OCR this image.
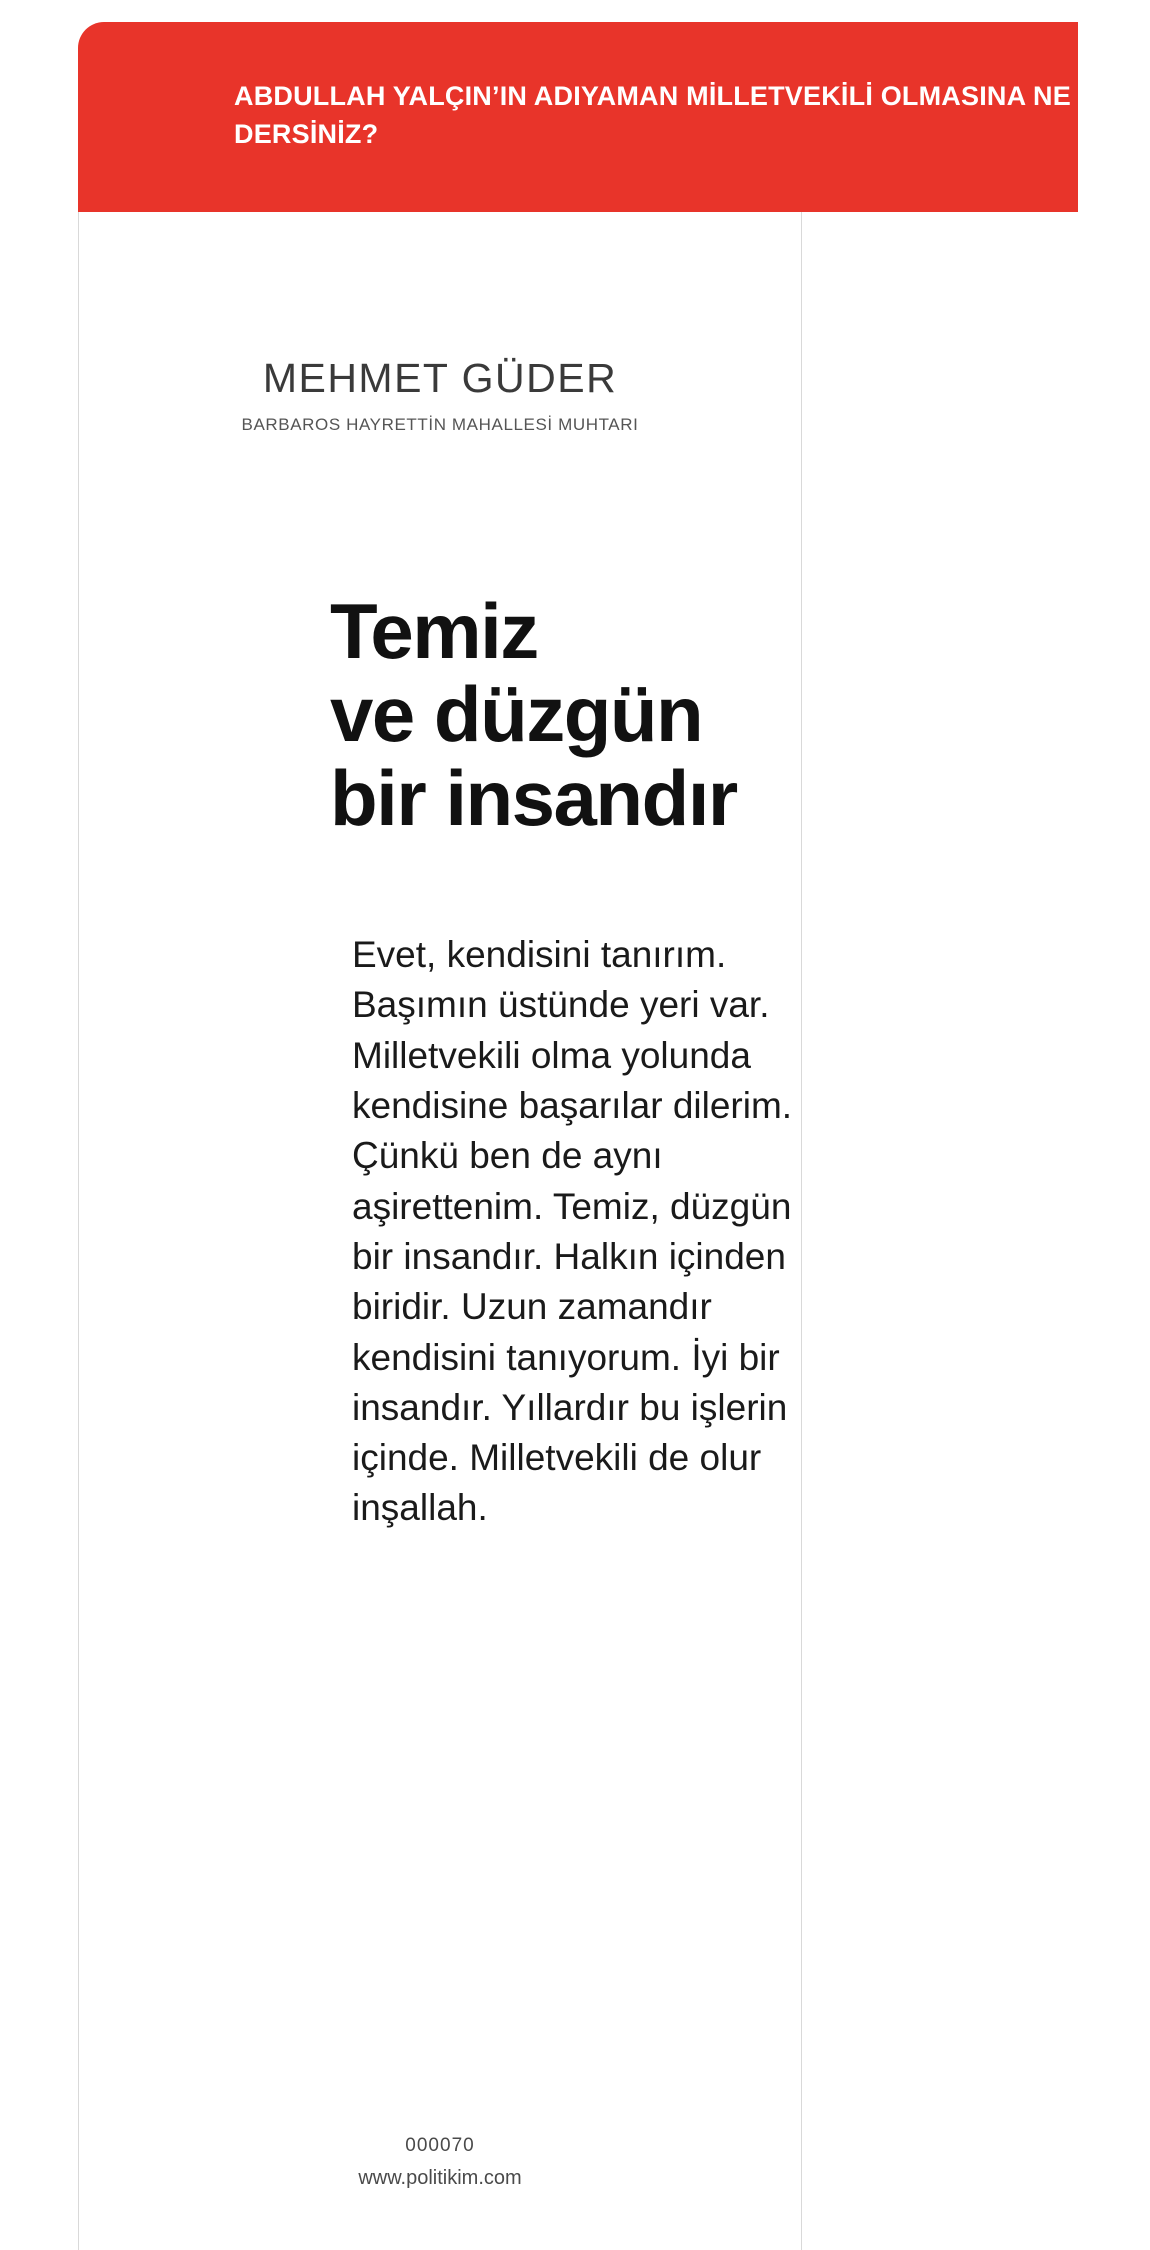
ABDULLAH YALÇIN’IN ADIYAMAN MİLLETVEKİLİ OLMASINA NE DERSİNİZ?
MEHMET GÜDER
BARBAROS HAYRETTİN MAHALLESİ MUHTARI
Temiz
ve düzgün
bir insandır
Evet, kendisini tanırım. Başımın üstünde yeri var. Milletvekili olma yolunda kendisine başarılar dilerim. Çünkü ben de aynı aşirettenim. Temiz, düzgün bir insandır. Halkın içinden biridir. Uzun zamandır kendisini tanıyorum. İyi bir insandır. Yıllardır bu işlerin içinde. Milletvekili de olur inşallah.
000070
www.politikim.com
